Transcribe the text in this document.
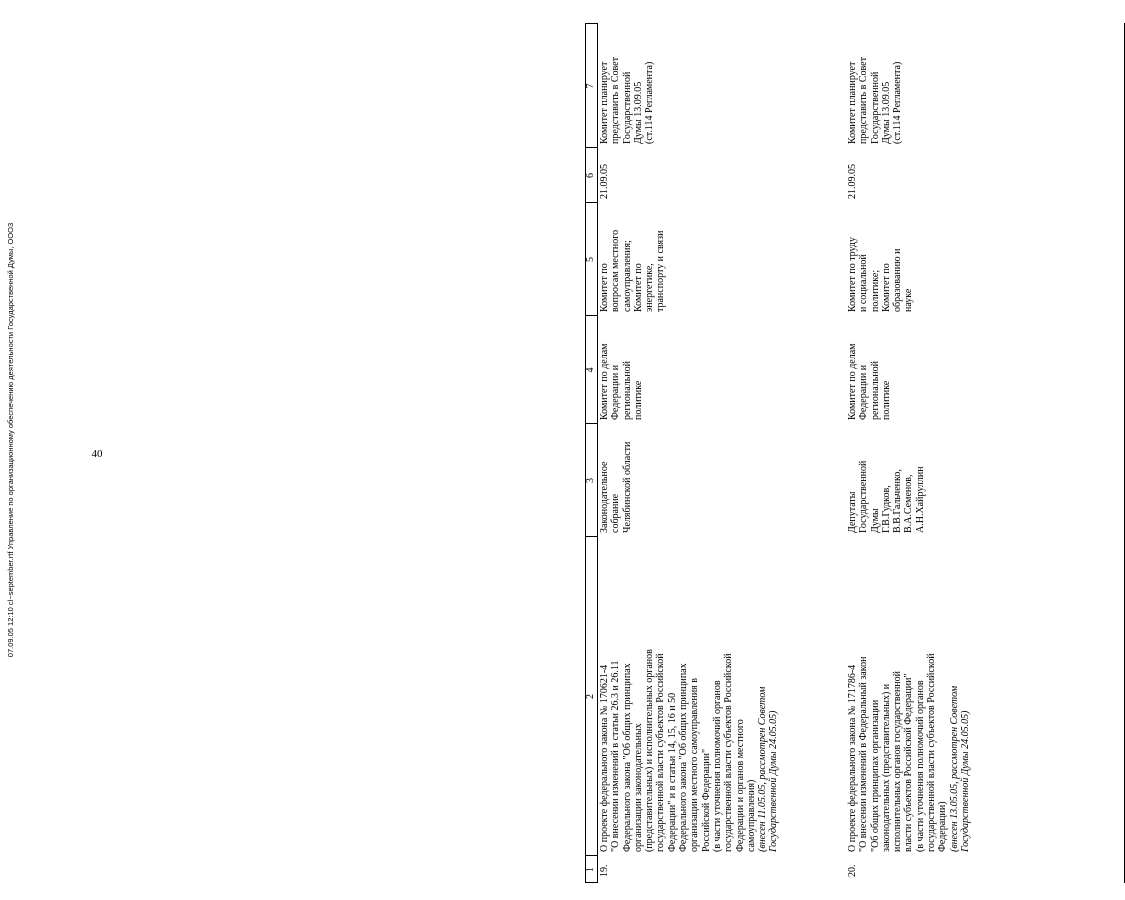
40
07.09.05 12:10 cl~september.rtf Управление по организационному обеспечению деятельности Государственной Думы, ООО3
1
2
3
4
5
6
7
19.
О проекте федерального закона № 170621-4 "О внесении изменений в статьи 26.3 и 26.11 Федерального закона "Об общих принципах организации законодательных (представительных) и исполнительных органов государственной власти субъектов Российской Федерации" и в статьи 14, 15, 16 и 50 Федерального закона "Об общих принципах организации местного самоуправления в Российской Федерации" (в части уточнения полномочий органов государственной власти субъектов Российской Федерации и органов местного самоуправления) (внесен 11.05.05, рассмотрен Советом Государственной Думы 24.05.05)
Законодательное собрание Челябинской области
Комитет по делам Федерации и региональной политике
Комитет по вопросам местного самоуправления; Комитет по энергетике, транспорту и связи
21.09.05
Комитет планирует представить в Совет Государственной Думы 13.09.05 (ст.114 Регламента)
20.
О проекте федерального закона № 171786-4 "О внесении изменений в Федеральный закон "Об общих принципах организации законодательных (представительных) и исполнительных органов государственной власти субъектов Российской Федерации" (в части уточнения полномочий органов государственной власти субъектов Российской Федерации) (внесен 13.05.05, рассмотрен Советом Государственной Думы 24.05.05)
Депутаты Государственной Думы Г.В.Гудков, В.В.Гальченко, В.А.Семенов, А.Н.Хайруллин
Комитет по делам Федерации и региональной политике
Комитет по труду и социальной политике; Комитет по образованию и науке
21.09.05
Комитет планирует представить в Совет Государственной Думы 13.09.05 (ст.114 Регламента)
